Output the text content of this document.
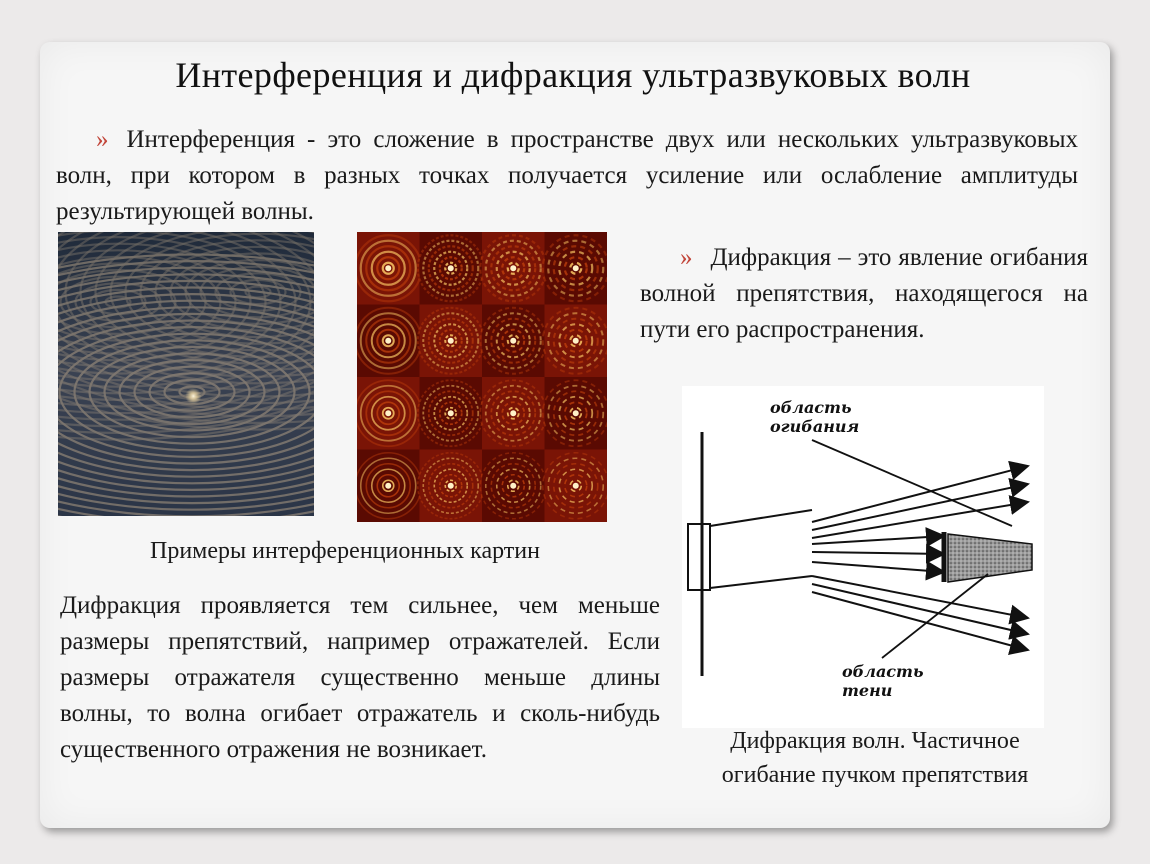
Интерференция и дифракция ультразвуковых волн
» Интерференция - это сложение в пространстве двух или нескольких ультразвуковых волн, при котором в разных точках получается усиление или ослабление амплитуды результирующей волны.
Примеры интерференционных картин
» Дифракция – это явление огибания волной препятствия, находящегося на пути его распространения.
область
огибания
область
тени
Дифракция проявляется тем сильнее, чем меньше размеры препятствий, например отражателей. Если размеры отражателя существенно меньше длины волны, то волна огибает отражатель и сколь-нибудь существенного отражения не возникает.	Дифракция волн. Частичное
огибание пучком препятствия
